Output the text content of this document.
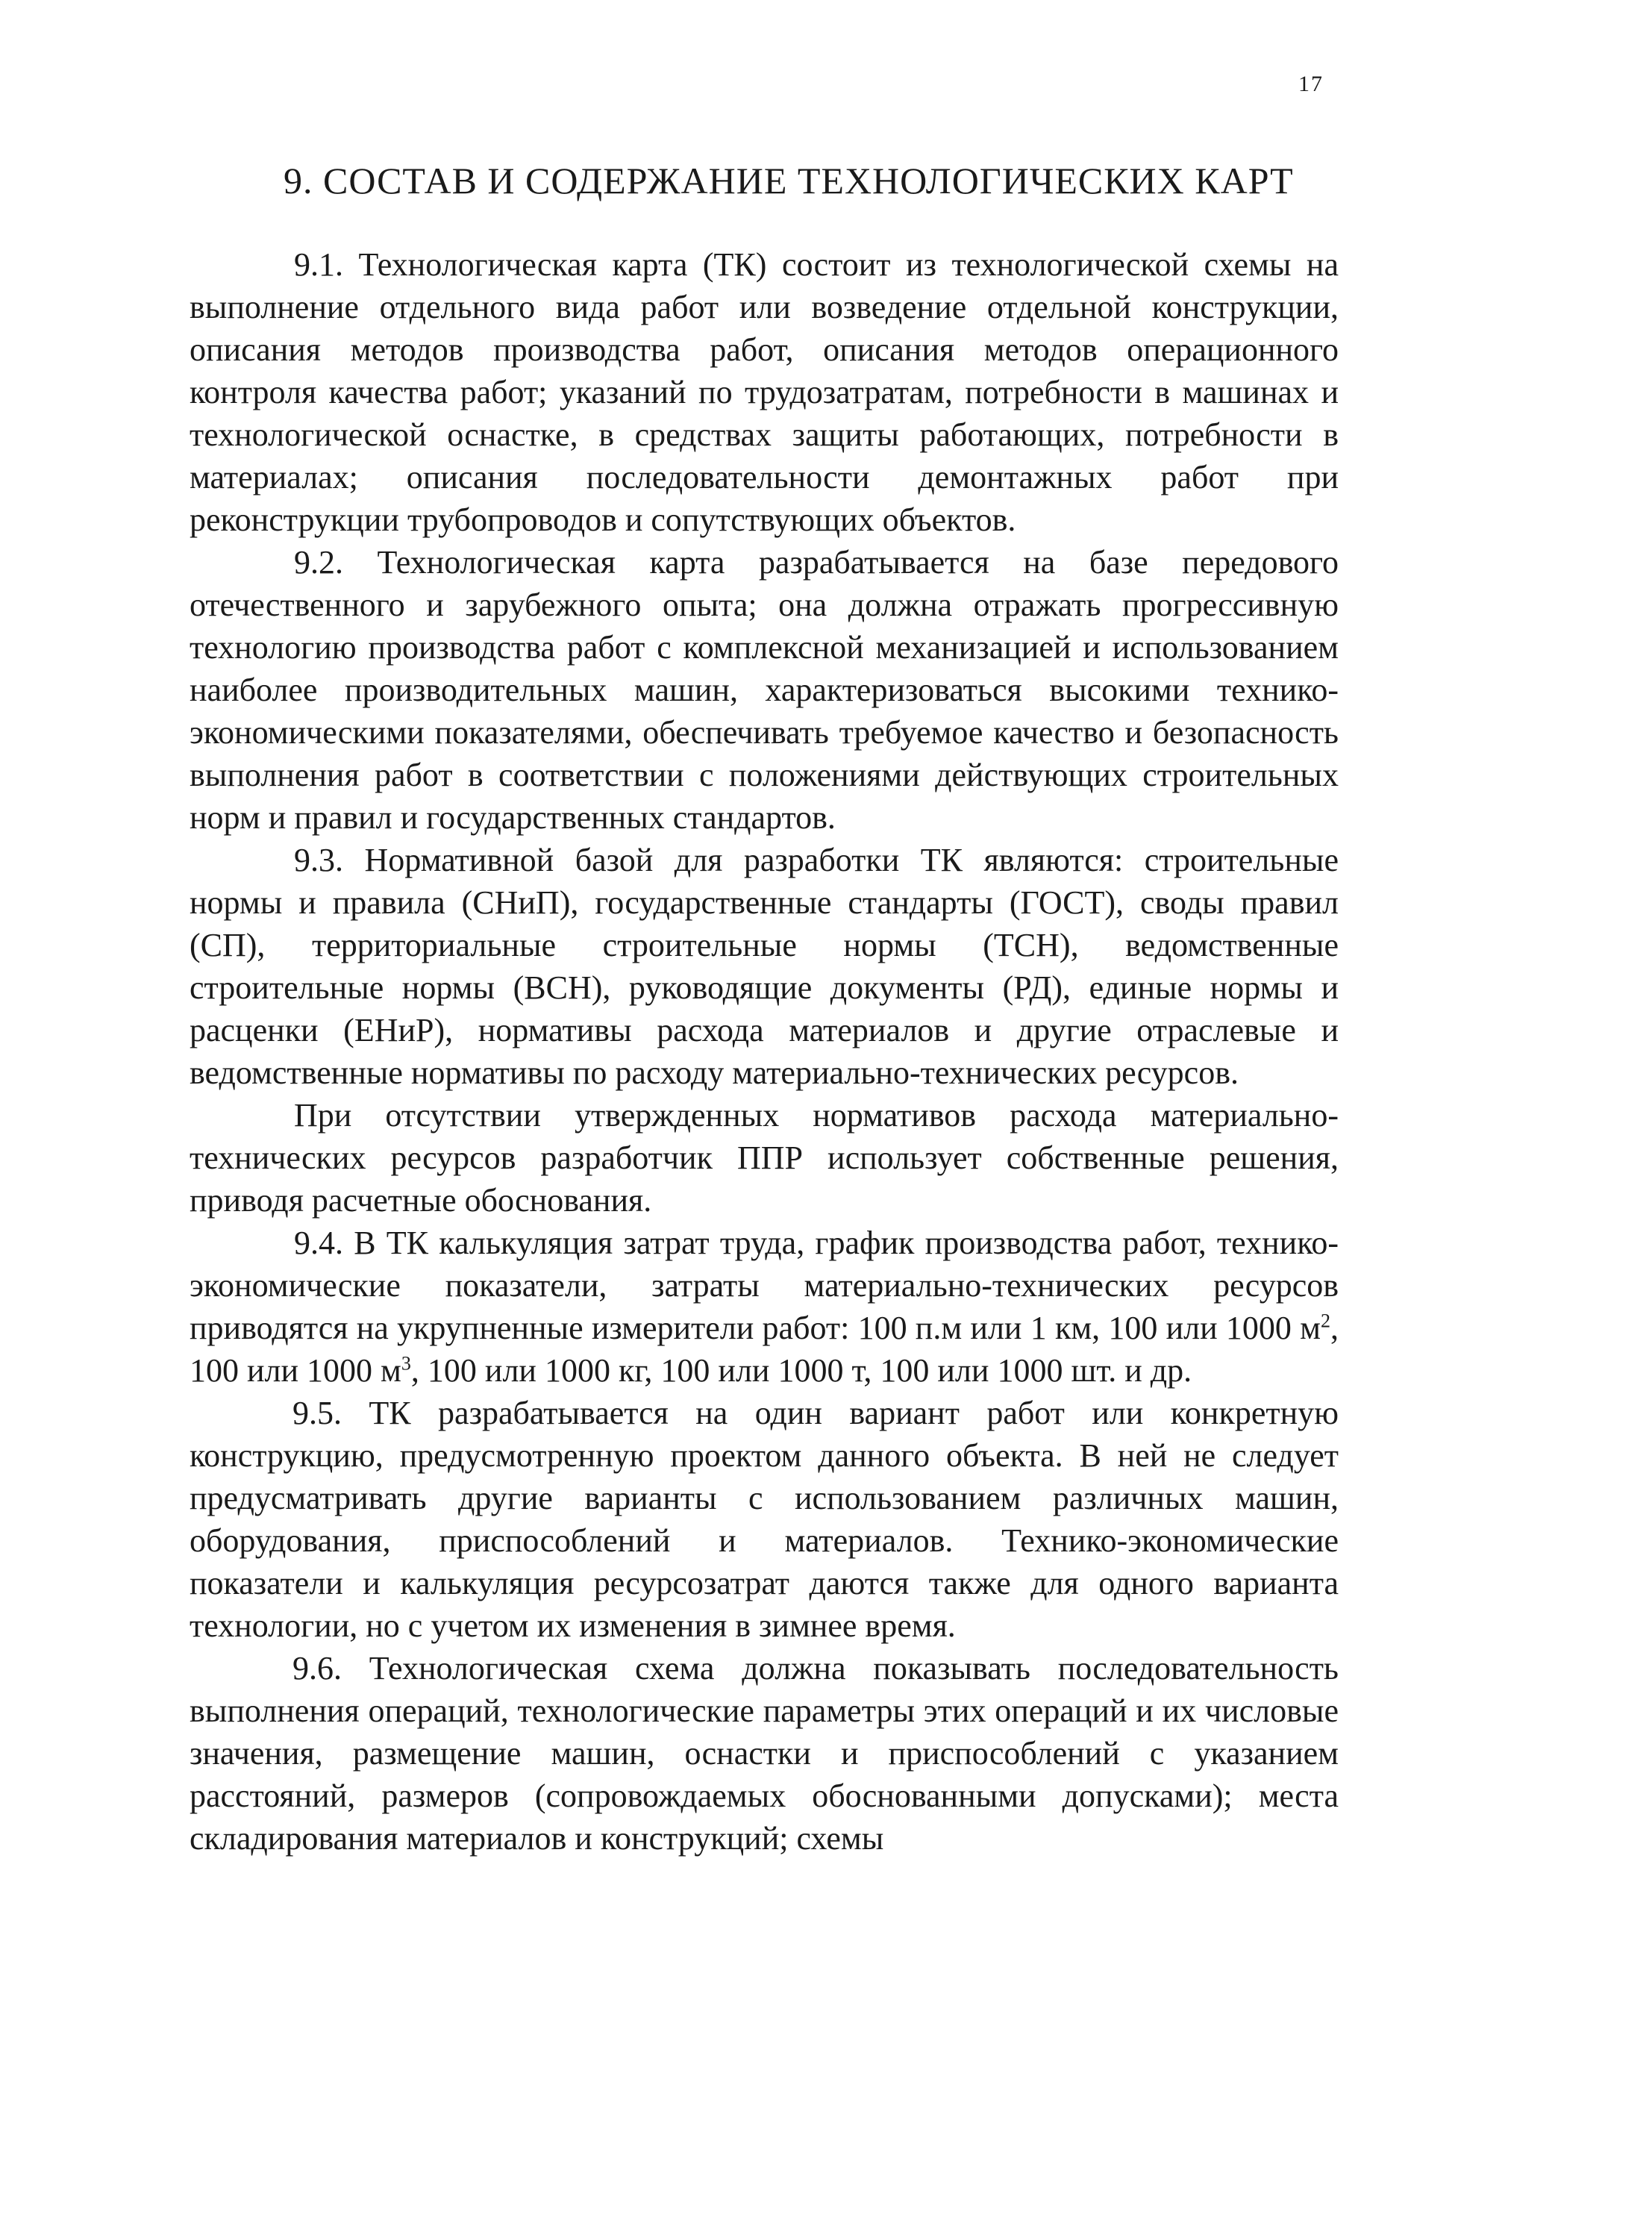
17
9. СОСТАВ И СОДЕРЖАНИЕ ТЕХНОЛОГИЧЕСКИХ КАРТ

9.1. Технологическая карта (ТК) состоит из технологической схемы на выполнение отдельного вида работ или возведение отдельной конструкции, описания методов производства работ, описания методов операционного контроля качества работ; указаний по трудозатратам, потребности в машинах и технологической оснастке, в средствах защиты работающих, потребности в материалах; описания последовательности демонтажных работ при реконструкции трубопроводов и сопутствующих объектов.

9.2. Технологическая карта разрабатывается на базе передового отечественного и зарубежного опыта; она должна отражать прогрессивную технологию производства работ с комплексной механизацией и использованием наиболее производительных машин, характеризоваться высокими технико-экономическими показателями, обеспечивать требуемое качество и безопасность выполнения работ в соответствии с положениями действующих строительных норм и правил и государственных стандартов.

9.3. Нормативной базой для разработки ТК являются: строительные нормы и правила (СНиП), государственные стандарты (ГОСТ), своды правил (СП), территориальные строительные нормы (ТСН), ведомственные строительные нормы (ВСН), руководящие документы (РД), единые нормы и расценки (ЕНиР), нормативы расхода материалов и другие отраслевые и ведомственные нормативы по расходу материально-технических ресурсов.

При отсутствии утвержденных нормативов расхода материально-технических ресурсов разработчик ППР использует собственные решения, приводя расчетные обоснования.

9.4. В ТК калькуляция затрат труда, график производства работ, технико-экономические показатели, затраты материально-технических ресурсов приводятся на укрупненные измерители работ: 100 п.м или 1 км, 100 или 1000 $м^2$, 100 или 1000 $м^3$, 100 или 1000 кг, 100 или 1000 т, 100 или 1000 шт. и др.

9.5. ТК разрабатывается на один вариант работ или конкретную конструкцию, предусмотренную проектом данного объекта. В ней не следует предусматривать другие варианты с использованием различных машин, оборудования, приспособлений и материалов. Технико-экономические показатели и калькуляция ресурсозатрат даются также для одного варианта технологии, но с учетом их изменения в зимнее время.

9.6. Технологическая схема должна показывать последовательность выполнения операций, технологические параметры этих операций и их числовые значения, размещение машин, оснастки и приспособлений с указанием расстояний, размеров (сопровождаемых обоснованными допусками); места складирования материалов и конструкций; схемы
